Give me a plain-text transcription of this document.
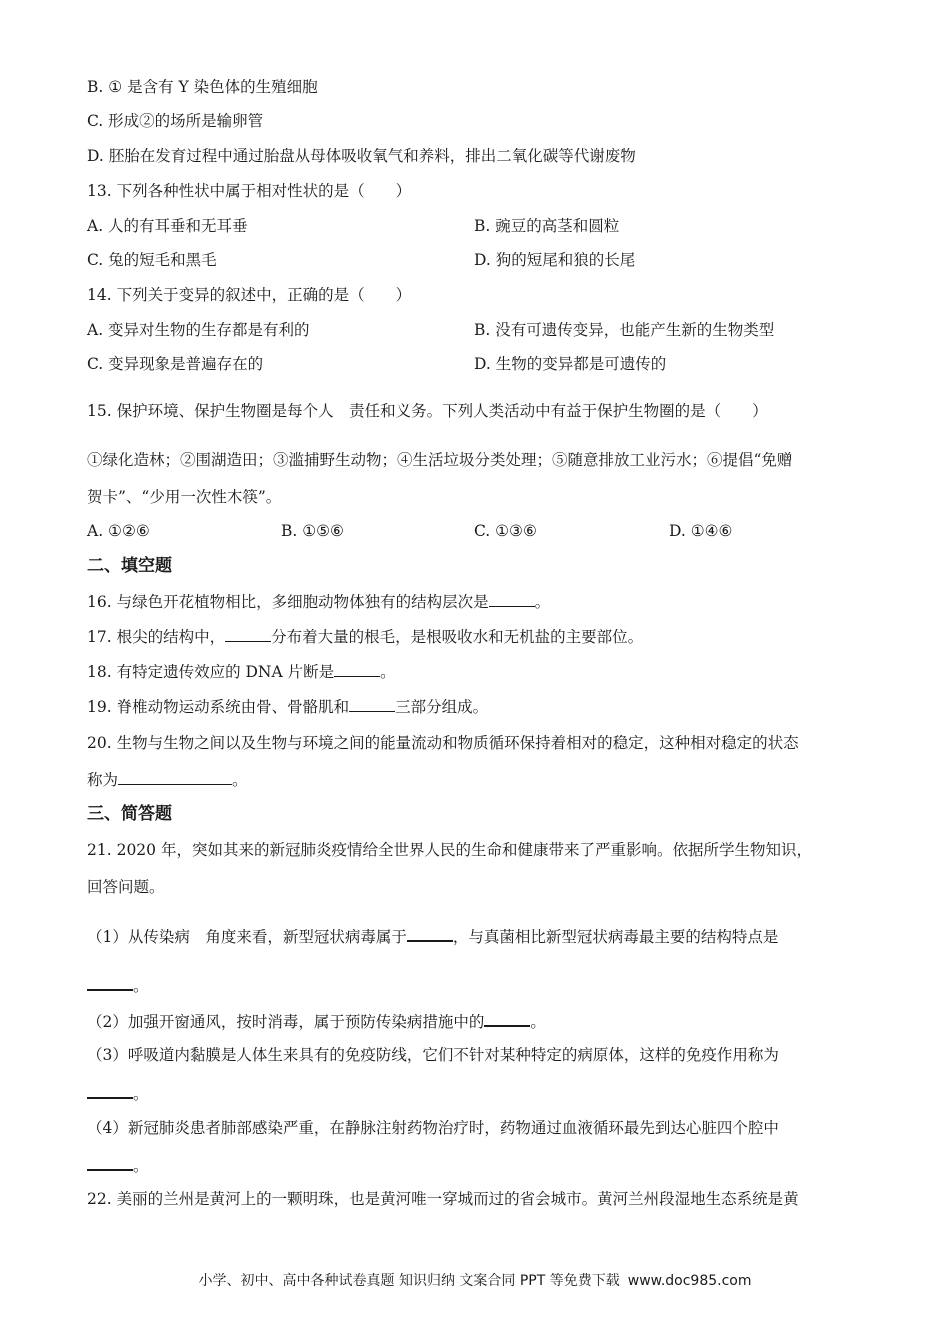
B. ① 是含有 Y 染色体的生殖细胞
C. 形成②的场所是输卵管
D. 胚胎在发育过程中通过胎盘从母体吸收氧气和养料，排出二氧化碳等代谢废物
13. 下列各种性状中属于相对性状的是（　　）
A. 人的有耳垂和无耳垂	B. 豌豆的高茎和圆粒
C. 兔的短毛和黑毛	D. 狗的短尾和狼的长尾
14. 下列关于变异的叙述中，正确的是（　　）
A. 变异对生物的生存都是有利的	B. 没有可遗传变异，也能产生新的生物类型
C. 变异现象是普遍存在的	D. 生物的变异都是可遗传的
15. 保护环境、保护生物圈是每个人　责任和义务。下列人类活动中有益于保护生物圈的是（　　）
①绿化造林；②围湖造田；③滥捕野生动物；④生活垃圾分类处理；⑤随意排放工业污水；⑥提倡“免赠
贺卡”、“少用一次性木筷”。
A. ①②⑥	B. ①⑤⑥	C. ①③⑥	D. ①④⑥
二、填空题
16. 与绿色开花植物相比，多细胞动物体独有的结构层次是	。
17. 根尖的结构中，	分布着大量的根毛，是根吸收水和无机盐的主要部位。
18. 有特定遗传效应的 DNA 片断是	。
19. 脊椎动物运动系统由骨、骨骼肌和	三部分组成。
20. 生物与生物之间以及生物与环境之间的能量流动和物质循环保持着相对的稳定，这种相对稳定的状态
称为	。
三、简答题
21. 2020 年，突如其来的新冠肺炎疫情给全世界人民的生命和健康带来了严重影响。依据所学生物知识，
回答问题。
（1）从传染病　角度来看，新型冠状病毒属于	，与真菌相比新型冠状病毒最主要的结构特点是
。
（2）加强开窗通风，按时消毒，属于预防传染病措施中的	。
（3）呼吸道内黏膜是人体生来具有的免疫防线，它们不针对某种特定的病原体，这样的免疫作用称为
。
（4）新冠肺炎患者肺部感染严重，在静脉注射药物治疗时，药物通过血液循环最先到达心脏四个腔中
。
22. 美丽的兰州是黄河上的一颗明珠，也是黄河唯一穿城而过的省会城市。黄河兰州段湿地生态系统是黄
小学、初中、高中各种试卷真题 知识归纳 文案合同 PPT 等免费下载 www.doc985.com
